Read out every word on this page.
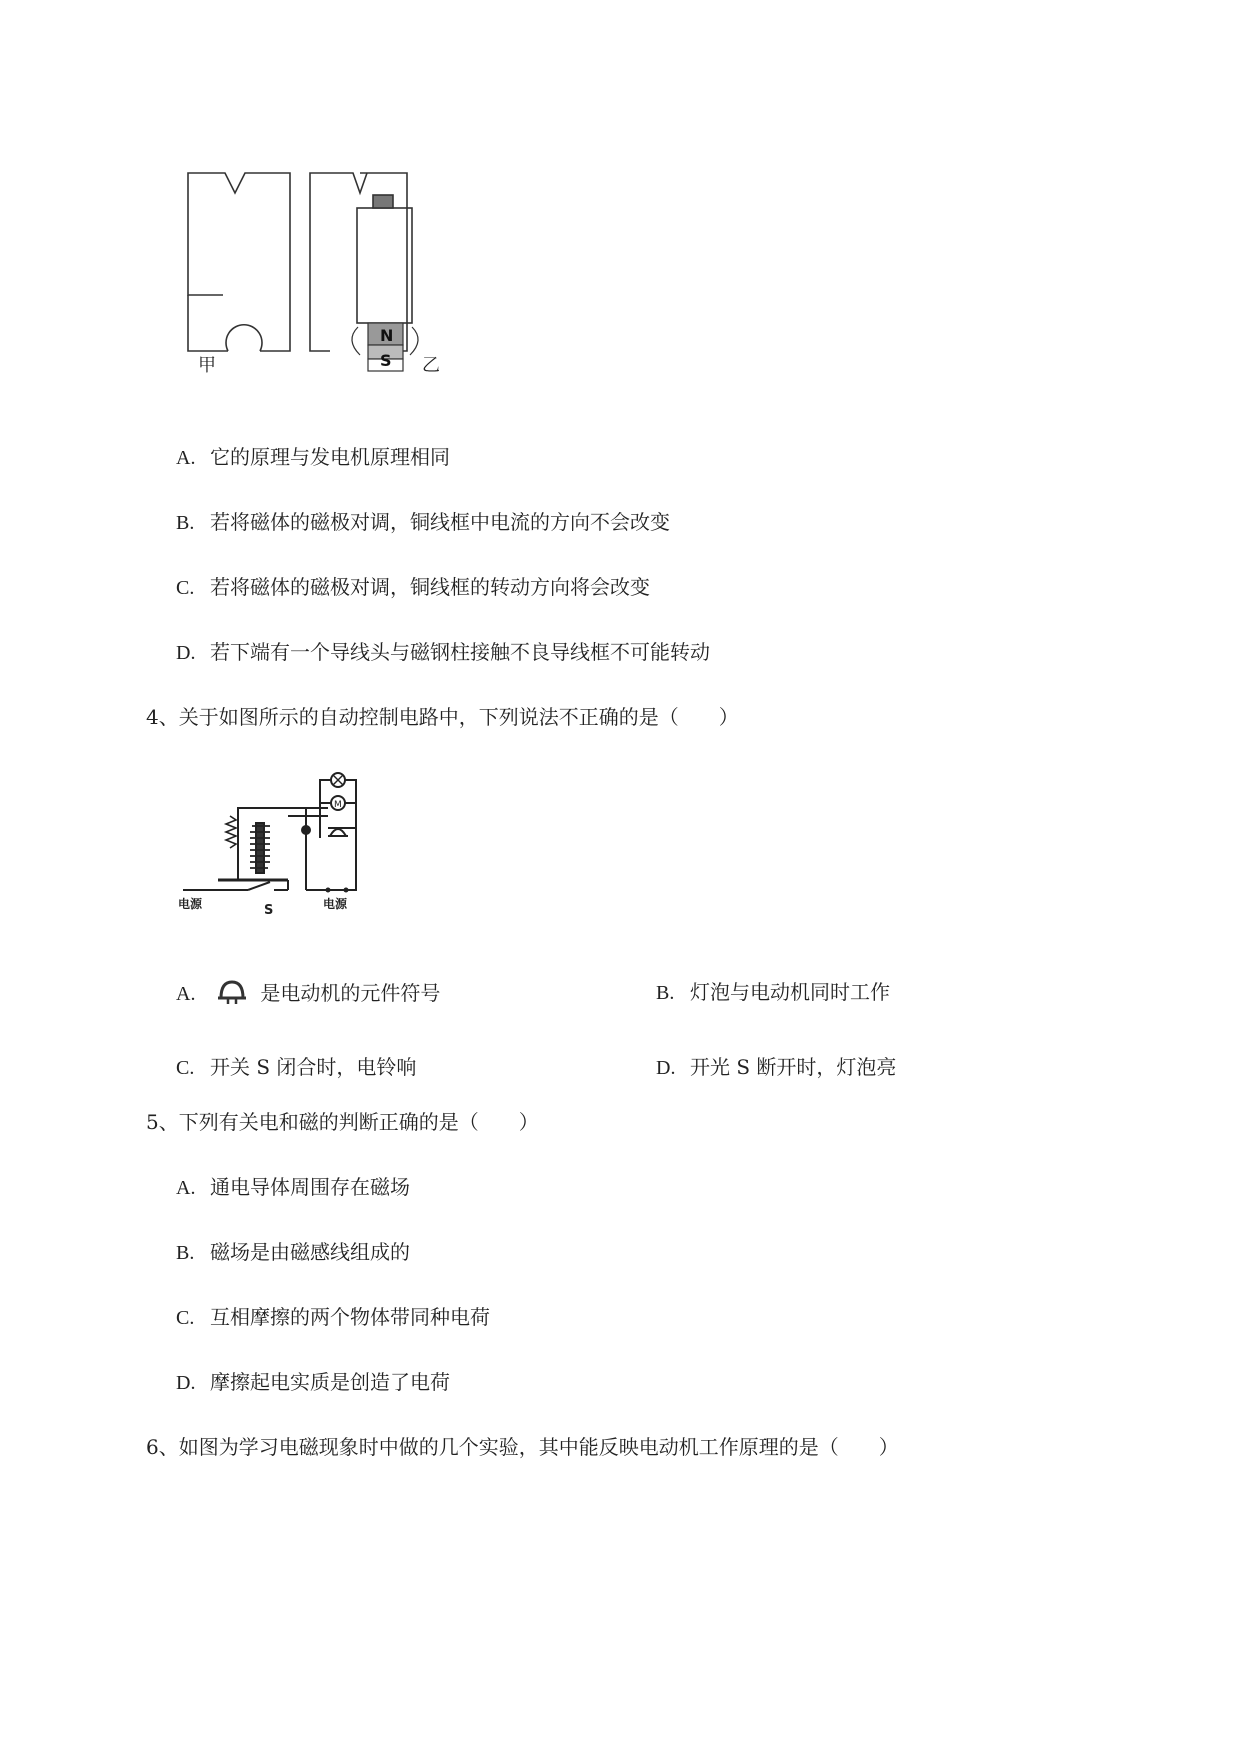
N
S
甲	乙
A. 它的原理与发电机原理相同
B. 若将磁体的磁极对调，铜线框中电流的方向不会改变
C. 若将磁体的磁极对调，铜线框的转动方向将会改变
D. 若下端有一个导线头与磁钢柱接触不良导线框不可能转动
4、关于如图所示的自动控制电路中，下列说法不正确的是（　　）
M
电源	S	电源
A.	是电动机的元件符号	B. 灯泡与电动机同时工作
C. 开关 S 闭合时，电铃响	D. 开光 S 断开时，灯泡亮
5、下列有关电和磁的判断正确的是（　　）
A. 通电导体周围存在磁场
B. 磁场是由磁感线组成的
C. 互相摩擦的两个物体带同种电荷
D. 摩擦起电实质是创造了电荷
6、如图为学习电磁现象时中做的几个实验，其中能反映电动机工作原理的是（　　）
